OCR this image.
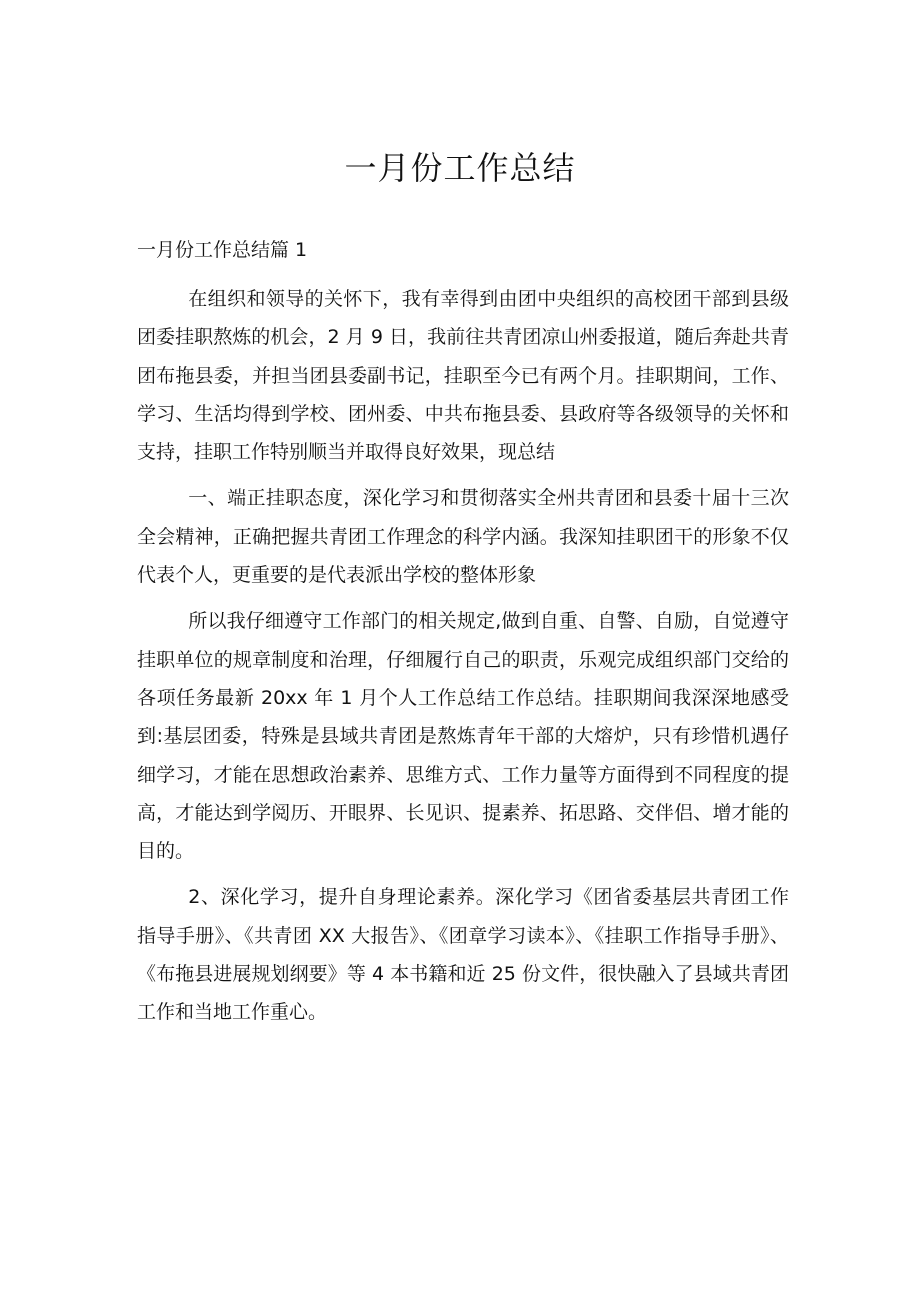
一月份工作总结

一月份工作总结篇 1

在组织和领导的关怀下，我有幸得到由团中央组织的高校团干部到县级团委挂职熬炼的机会，2 月 9 日，我前往共青团凉山州委报道，随后奔赴共青团布拖县委，并担当团县委副书记，挂职至今已有两个月。挂职期间，工作、学习、生活均得到学校、团州委、中共布拖县委、县政府等各级领导的关怀和支持，挂职工作特别顺当并取得良好效果，现总结

一、端正挂职态度，深化学习和贯彻落实全州共青团和县委十届十三次全会精神，正确把握共青团工作理念的科学内涵。我深知挂职团干的形象不仅代表个人，更重要的是代表派出学校的整体形象

所以我仔细遵守工作部门的相关规定,做到自重、自警、自励，自觉遵守挂职单位的规章制度和治理，仔细履行自己的职责，乐观完成组织部门交给的各项任务最新 20xx 年 1 月个人工作总结工作总结。挂职期间我深深地感受到:基层团委，特殊是县域共青团是熬炼青年干部的大熔炉，只有珍惜机遇仔细学习，才能在思想政治素养、思维方式、工作力量等方面得到不同程度的提高，才能达到学阅历、开眼界、长见识、提素养、拓思路、交伴侣、增才能的目的。

2、深化学习，提升自身理论素养。深化学习《团省委基层共青团工作指导手册》、《共青团 XX 大报告》、《团章学习读本》、《挂职工作指导手册》、《布拖县进展规划纲要》等 4 本书籍和近 25 份文件，很快融入了县域共青团工作和当地工作重心。
